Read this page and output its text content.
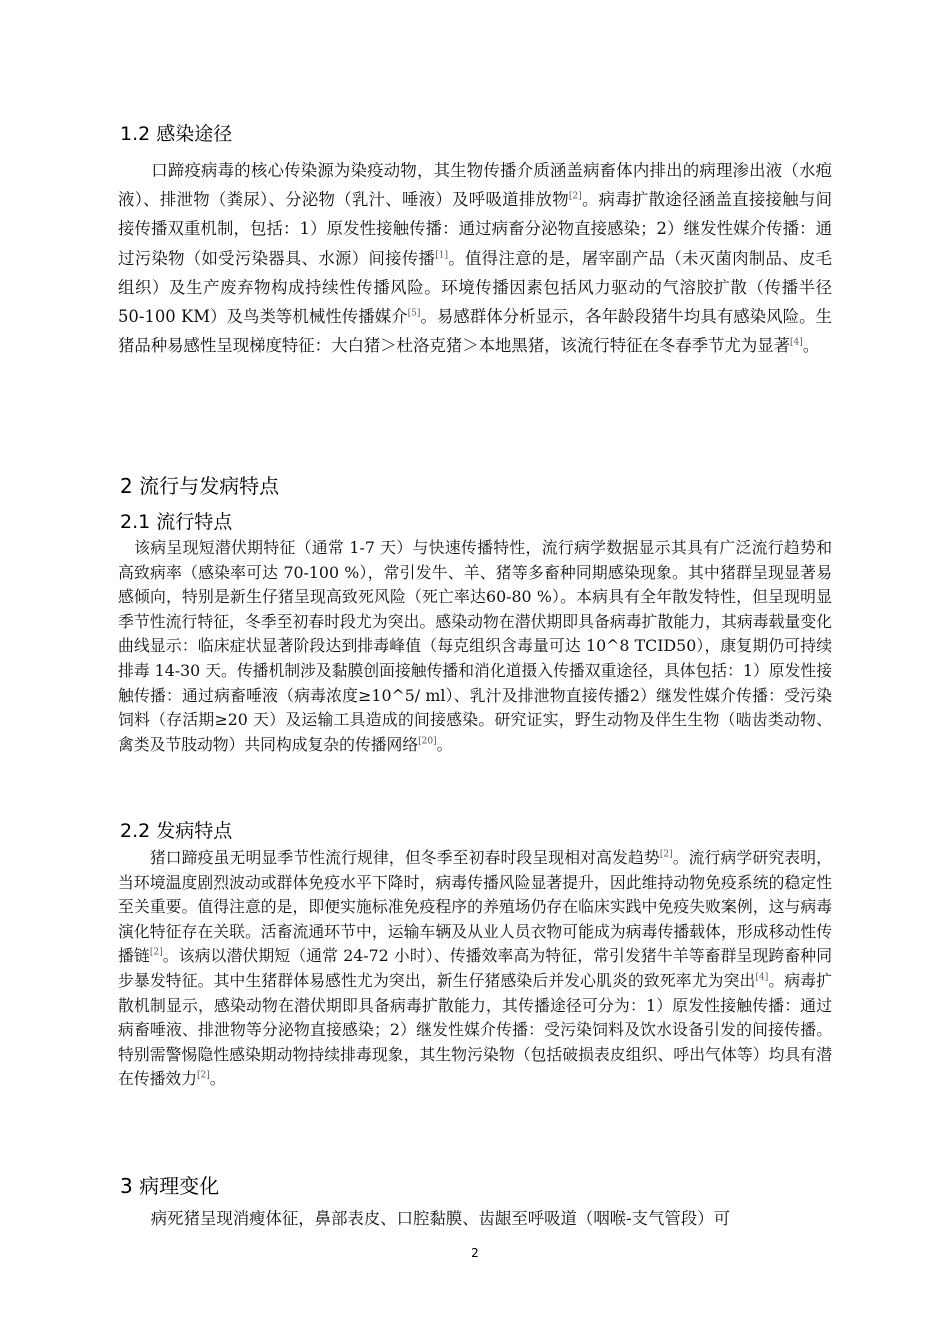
1.2 感染途径

　　口蹄疫病毒的核心传染源为染疫动物，其生物传播介质涵盖病畜体内排出的病理渗出液（水疱液）、排泄物（粪尿）、分泌物（乳汁、唾液）及呼吸道排放物[2]。病毒扩散途径涵盖直接接触与间接传播双重机制，包括：1）原发性接触传播：通过病畜分泌物直接感染；2）继发性媒介传播：通过污染物（如受污染器具、水源）间接传播[1]。值得注意的是，屠宰副产品（未灭菌肉制品、皮毛组织）及生产废弃物构成持续性传播风险。环境传播因素包括风力驱动的气溶胶扩散（传播半径 50-100 KM）及鸟类等机械性传播媒介[5]。易感群体分析显示，各年龄段猪牛均具有感染风险。生猪品种易感性呈现梯度特征：大白猪＞杜洛克猪＞本地黑猪，该流行特征在冬春季节尤为显著[4]。

2 流行与发病特点
2.1 流行特点

　该病呈现短潜伏期特征（通常 1-7 天）与快速传播特性，流行病学数据显示其具有广泛流行趋势和高致病率（感染率可达 70-100 %），常引发牛、羊、猪等多畜种同期感染现象。其中猪群呈现显著易感倾向，特别是新生仔猪呈现高致死风险（死亡率达60-80 %）。本病具有全年散发特性，但呈现明显季节性流行特征，冬季至初春时段尤为突出。感染动物在潜伏期即具备病毒扩散能力，其病毒载量变化曲线显示：临床症状显著阶段达到排毒峰值（每克组织含毒量可达 10^8 TCID50），康复期仍可持续排毒 14-30 天。传播机制涉及黏膜创面接触传播和消化道摄入传播双重途径，具体包括：1）原发性接触传播：通过病畜唾液（病毒浓度≥10^5/ ml）、乳汁及排泄物直接传播2）继发性媒介传播：受污染饲料（存活期≥20 天）及运输工具造成的间接感染。研究证实，野生动物及伴生生物（啮齿类动物、禽类及节肢动物）共同构成复杂的传播网络[20]。

2.2 发病特点

　　猪口蹄疫虽无明显季节性流行规律，但冬季至初春时段呈现相对高发趋势[2]。流行病学研究表明，当环境温度剧烈波动或群体免疫水平下降时，病毒传播风险显著提升，因此维持动物免疫系统的稳定性至关重要。值得注意的是，即便实施标准免疫程序的养殖场仍存在临床实践中免疫失败案例，这与病毒演化特征存在关联。活畜流通环节中，运输车辆及从业人员衣物可能成为病毒传播载体，形成移动性传播链[2]。该病以潜伏期短（通常 24-72 小时）、传播效率高为特征，常引发猪牛羊等畜群呈现跨畜种同步暴发特征。其中生猪群体易感性尤为突出，新生仔猪感染后并发心肌炎的致死率尤为突出[4]。病毒扩散机制显示，感染动物在潜伏期即具备病毒扩散能力，其传播途径可分为：1）原发性接触传播：通过病畜唾液、排泄物等分泌物直接感染；2）继发性媒介传播：受污染饲料及饮水设备引发的间接传播。特别需警惕隐性感染期动物持续排毒现象，其生物污染物（包括破损表皮组织、呼出气体等）均具有潜在传播效力[2]。

3 病理变化

　　病死猪呈现消瘦体征，鼻部表皮、口腔黏膜、齿龈至呼吸道（咽喉-支气管段）可

2
